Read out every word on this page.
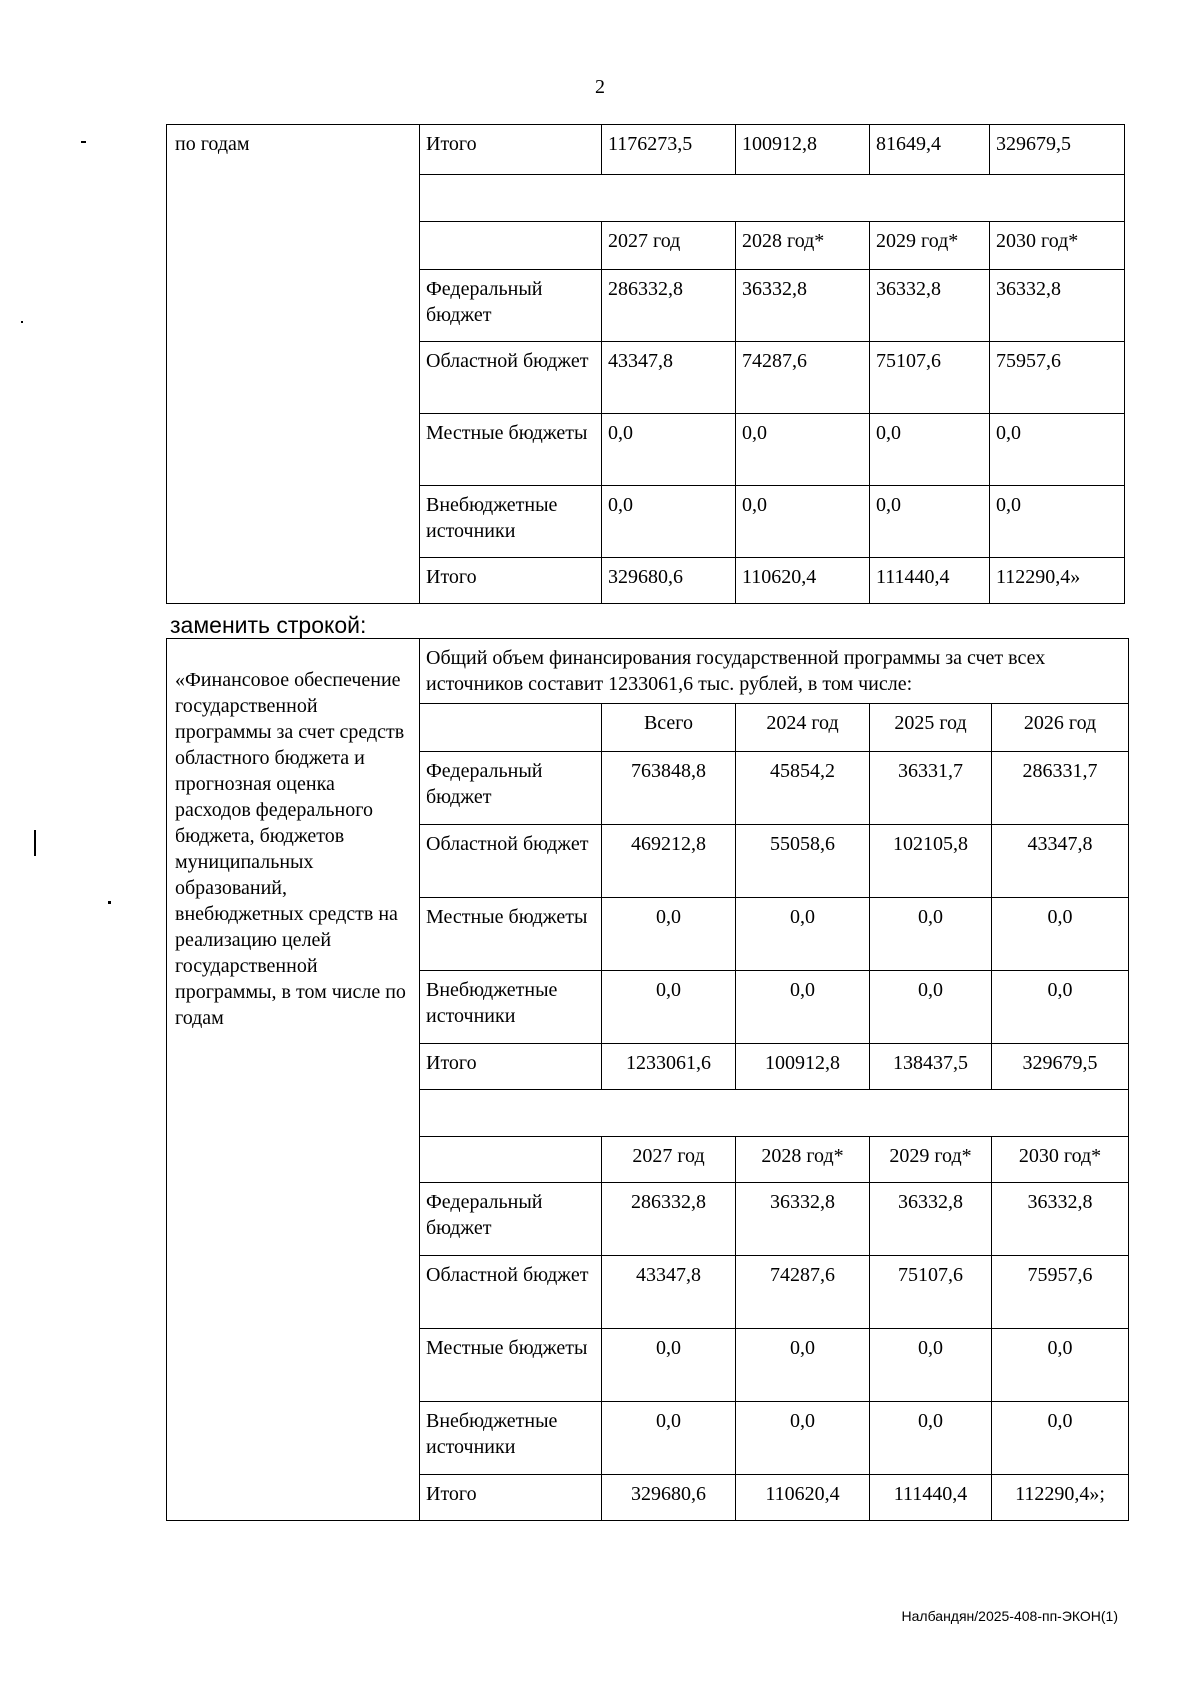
2
по годам	Итого	1176273,5	100912,8	81649,4	329679,5

		2027 год	2028 год*	2029 год*	2030 год*
	Федеральный бюджет	286332,8	36332,8	36332,8	36332,8
	Областной бюджет	43347,8	74287,6	75107,6	75957,6
	Местные бюджеты	0,0	0,0	0,0	0,0
	Внебюджетные источники	0,0	0,0	0,0	0,0
	Итого	329680,6	110620,4	111440,4	112290,4»
заменить строкой:
«Финансовое обеспечение государственной программы за счет средств областного бюджета и прогнозная оценка расходов федерального бюджета, бюджетов муниципальных образований, внебюджетных средств на реализацию целей государственной программы, в том числе по годам	Общий объем финансирования государственной программы за счет всех источников составит 1233061,6 тыс. рублей, в том числе:				
		Всего	2024 год	2025 год	2026 год
	Федеральный бюджет	763848,8	45854,2	36331,7	286331,7
	Областной бюджет	469212,8	55058,6	102105,8	43347,8
	Местные бюджеты	0,0	0,0	0,0	0,0
	Внебюджетные источники	0,0	0,0	0,0	0,0
	Итого	1233061,6	100912,8	138437,5	329679,5

		2027 год	2028 год*	2029 год*	2030 год*
	Федеральный бюджет	286332,8	36332,8	36332,8	36332,8
	Областной бюджет	43347,8	74287,6	75107,6	75957,6
	Местные бюджеты	0,0	0,0	0,0	0,0
	Внебюджетные источники	0,0	0,0	0,0	0,0
	Итого	329680,6	110620,4	111440,4	112290,4»;
Налбандян/2025-408-пп-ЭКОН(1)
